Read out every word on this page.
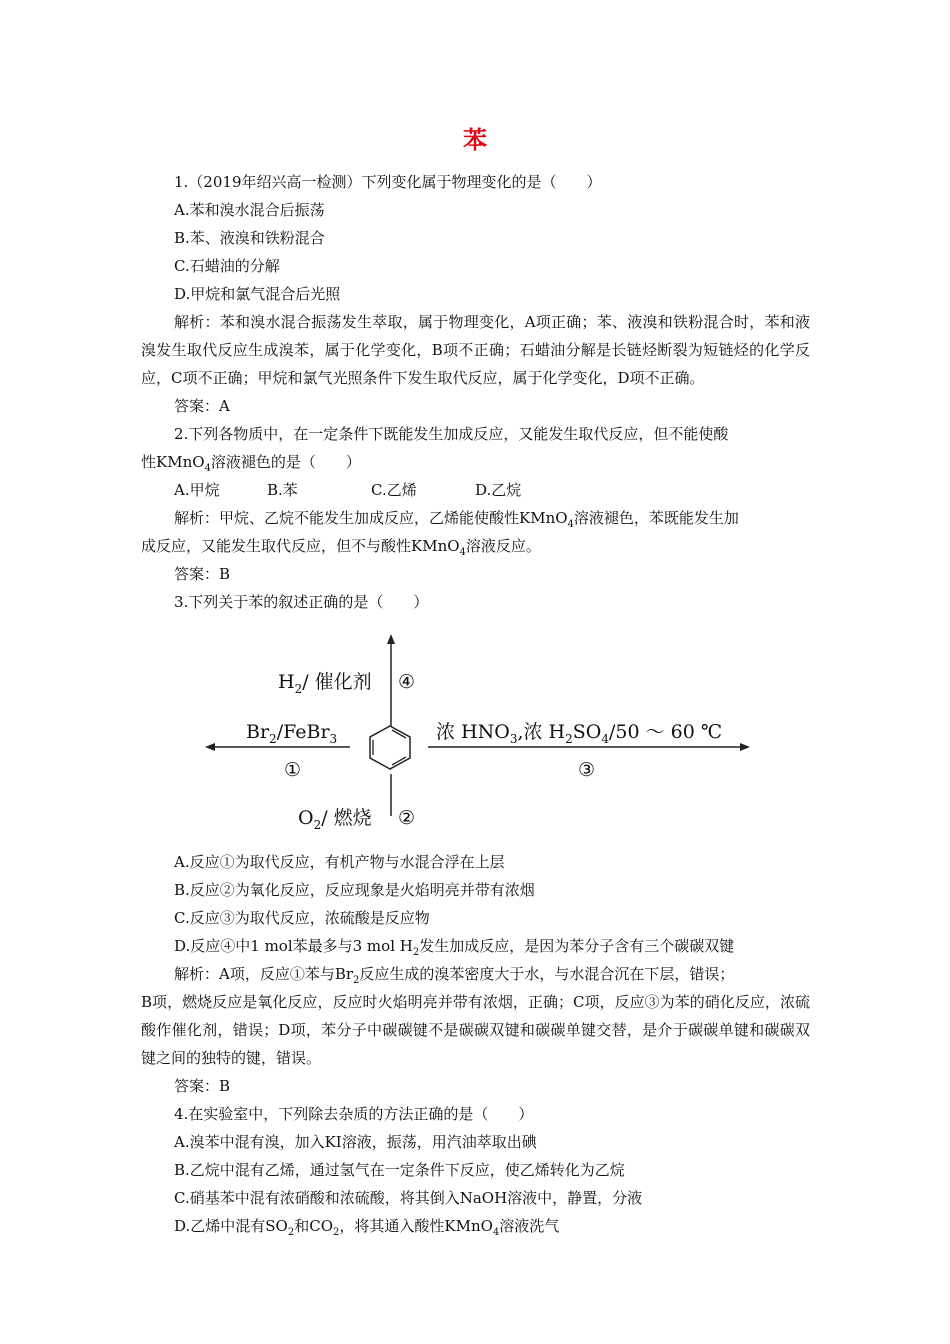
苯

1.（2019年绍兴高一检测）下列变化属于物理变化的是（　　）

A.苯和溴水混合后振荡

B.苯、液溴和铁粉混合

C.石蜡油的分解

D.甲烷和氯气混合后光照

解析：苯和溴水混合振荡发生萃取，属于物理变化，A项正确；苯、液溴和铁粉混合时，苯和液溴发生取代反应生成溴苯，属于化学变化，B项不正确；石蜡油分解是长链烃断裂为短链烃的化学反应，C项不正确；甲烷和氯气光照条件下发生取代反应，属于化学变化，D项不正确。

答案：A

2.下列各物质中，在一定条件下既能发生加成反应，又能发生取代反应，但不能使酸

性KMnO$_4$溶液褪色的是（　　）

A.甲烷	B.苯	C.乙烯	D.乙烷

解析：甲烷、乙烷不能发生加成反应，乙烯能使酸性KMnO$_4$溶液褪色，苯既能发生加

成反应，又能发生取代反应，但不与酸性KMnO$_4$溶液反应。

答案：B

3.下列关于苯的叙述正确的是（　　）

$H_2/$ 催化剂 ④
$Br_2/FeBr_3$
①
浓 $HNO_3$,浓 $H_2SO_4/50$ ～ 60 ℃
③
$O_2/$ 燃烧 ②

A.反应①为取代反应，有机产物与水混合浮在上层

B.反应②为氧化反应，反应现象是火焰明亮并带有浓烟

C.反应③为取代反应，浓硫酸是反应物

D.反应④中1 mol苯最多与3 mol $H_2$发生加成反应，是因为苯分子含有三个碳碳双键

解析：A项，反应①苯与$Br_2$反应生成的溴苯密度大于水，与水混合沉在下层，错误；

B项，燃烧反应是氧化反应，反应时火焰明亮并带有浓烟，正确；C项，反应③为苯的硝化反应，浓硫酸作催化剂，错误；D项，苯分子中碳碳键不是碳碳双键和碳碳单键交替，是介于碳碳单键和碳碳双键之间的独特的键，错误。

答案：B

4.在实验室中，下列除去杂质的方法正确的是（　　）

A.溴苯中混有溴，加入KI溶液，振荡，用汽油萃取出碘

B.乙烷中混有乙烯，通过氢气在一定条件下反应，使乙烯转化为乙烷

C.硝基苯中混有浓硝酸和浓硫酸，将其倒入NaOH溶液中，静置，分液

D.乙烯中混有$SO_2$和$CO_2$，将其通入酸性KMnO$_4$溶液洗气
